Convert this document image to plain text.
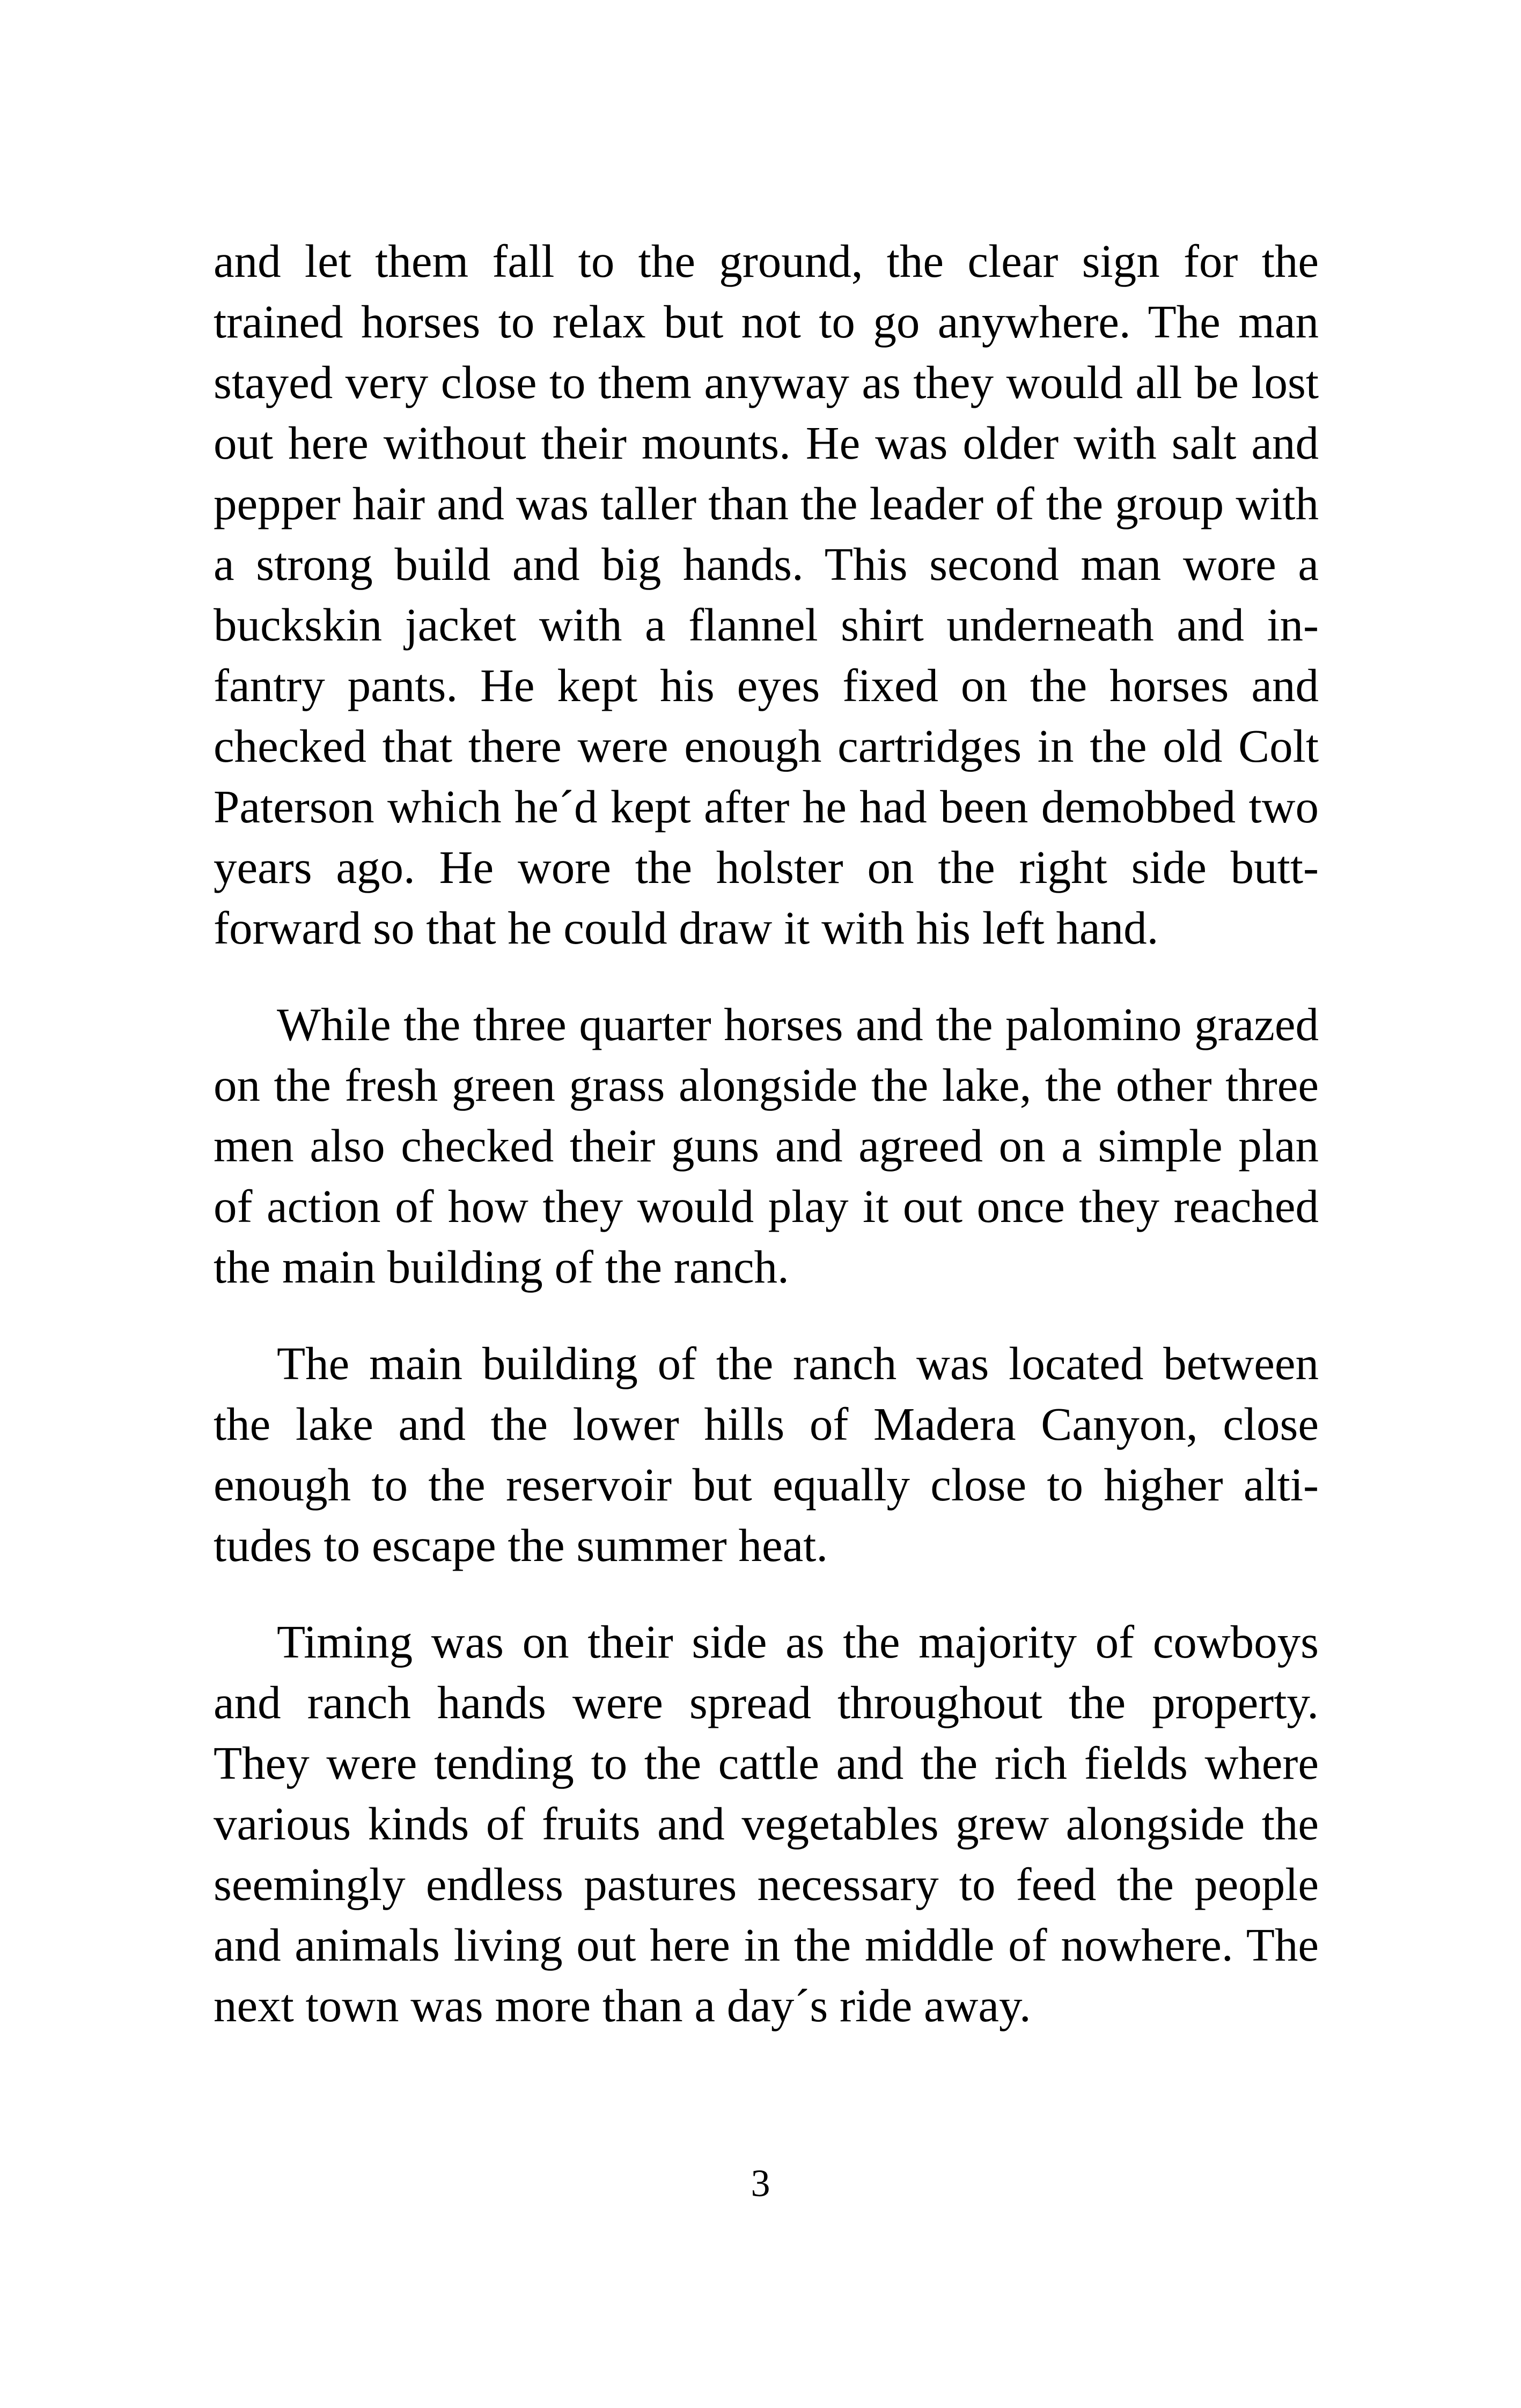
and let them fall to the ground, the clear sign for the trained horses to relax but not to go anywhere. The man stayed very close to them anyway as they would all be lost out here without their mounts. He was older with salt and pepper hair and was taller than the leader of the group with a strong build and big hands. This second man wore a buckskin jacket with a flannel shirt underneath and in-fantry pants. He kept his eyes fixed on the horses and checked that there were enough cartridges in the old Colt Paterson which he´d kept after he had been demobbed two years ago. He wore the holster on the right side butt-forward so that he could draw it with his left hand.

While the three quarter horses and the palomino grazed on the fresh green grass alongside the lake, the other three men also checked their guns and agreed on a simple plan of action of how they would play it out once they reached the main building of the ranch.

The main building of the ranch was located between the lake and the lower hills of Madera Canyon, close enough to the reservoir but equally close to higher alti-tudes to escape the summer heat.

Timing was on their side as the majority of cowboys and ranch hands were spread throughout the property. They were tending to the cattle and the rich fields where various kinds of fruits and vegetables grew alongside the seemingly endless pastures necessary to feed the people and animals living out here in the middle of nowhere. The next town was more than a day´s ride away.

3
